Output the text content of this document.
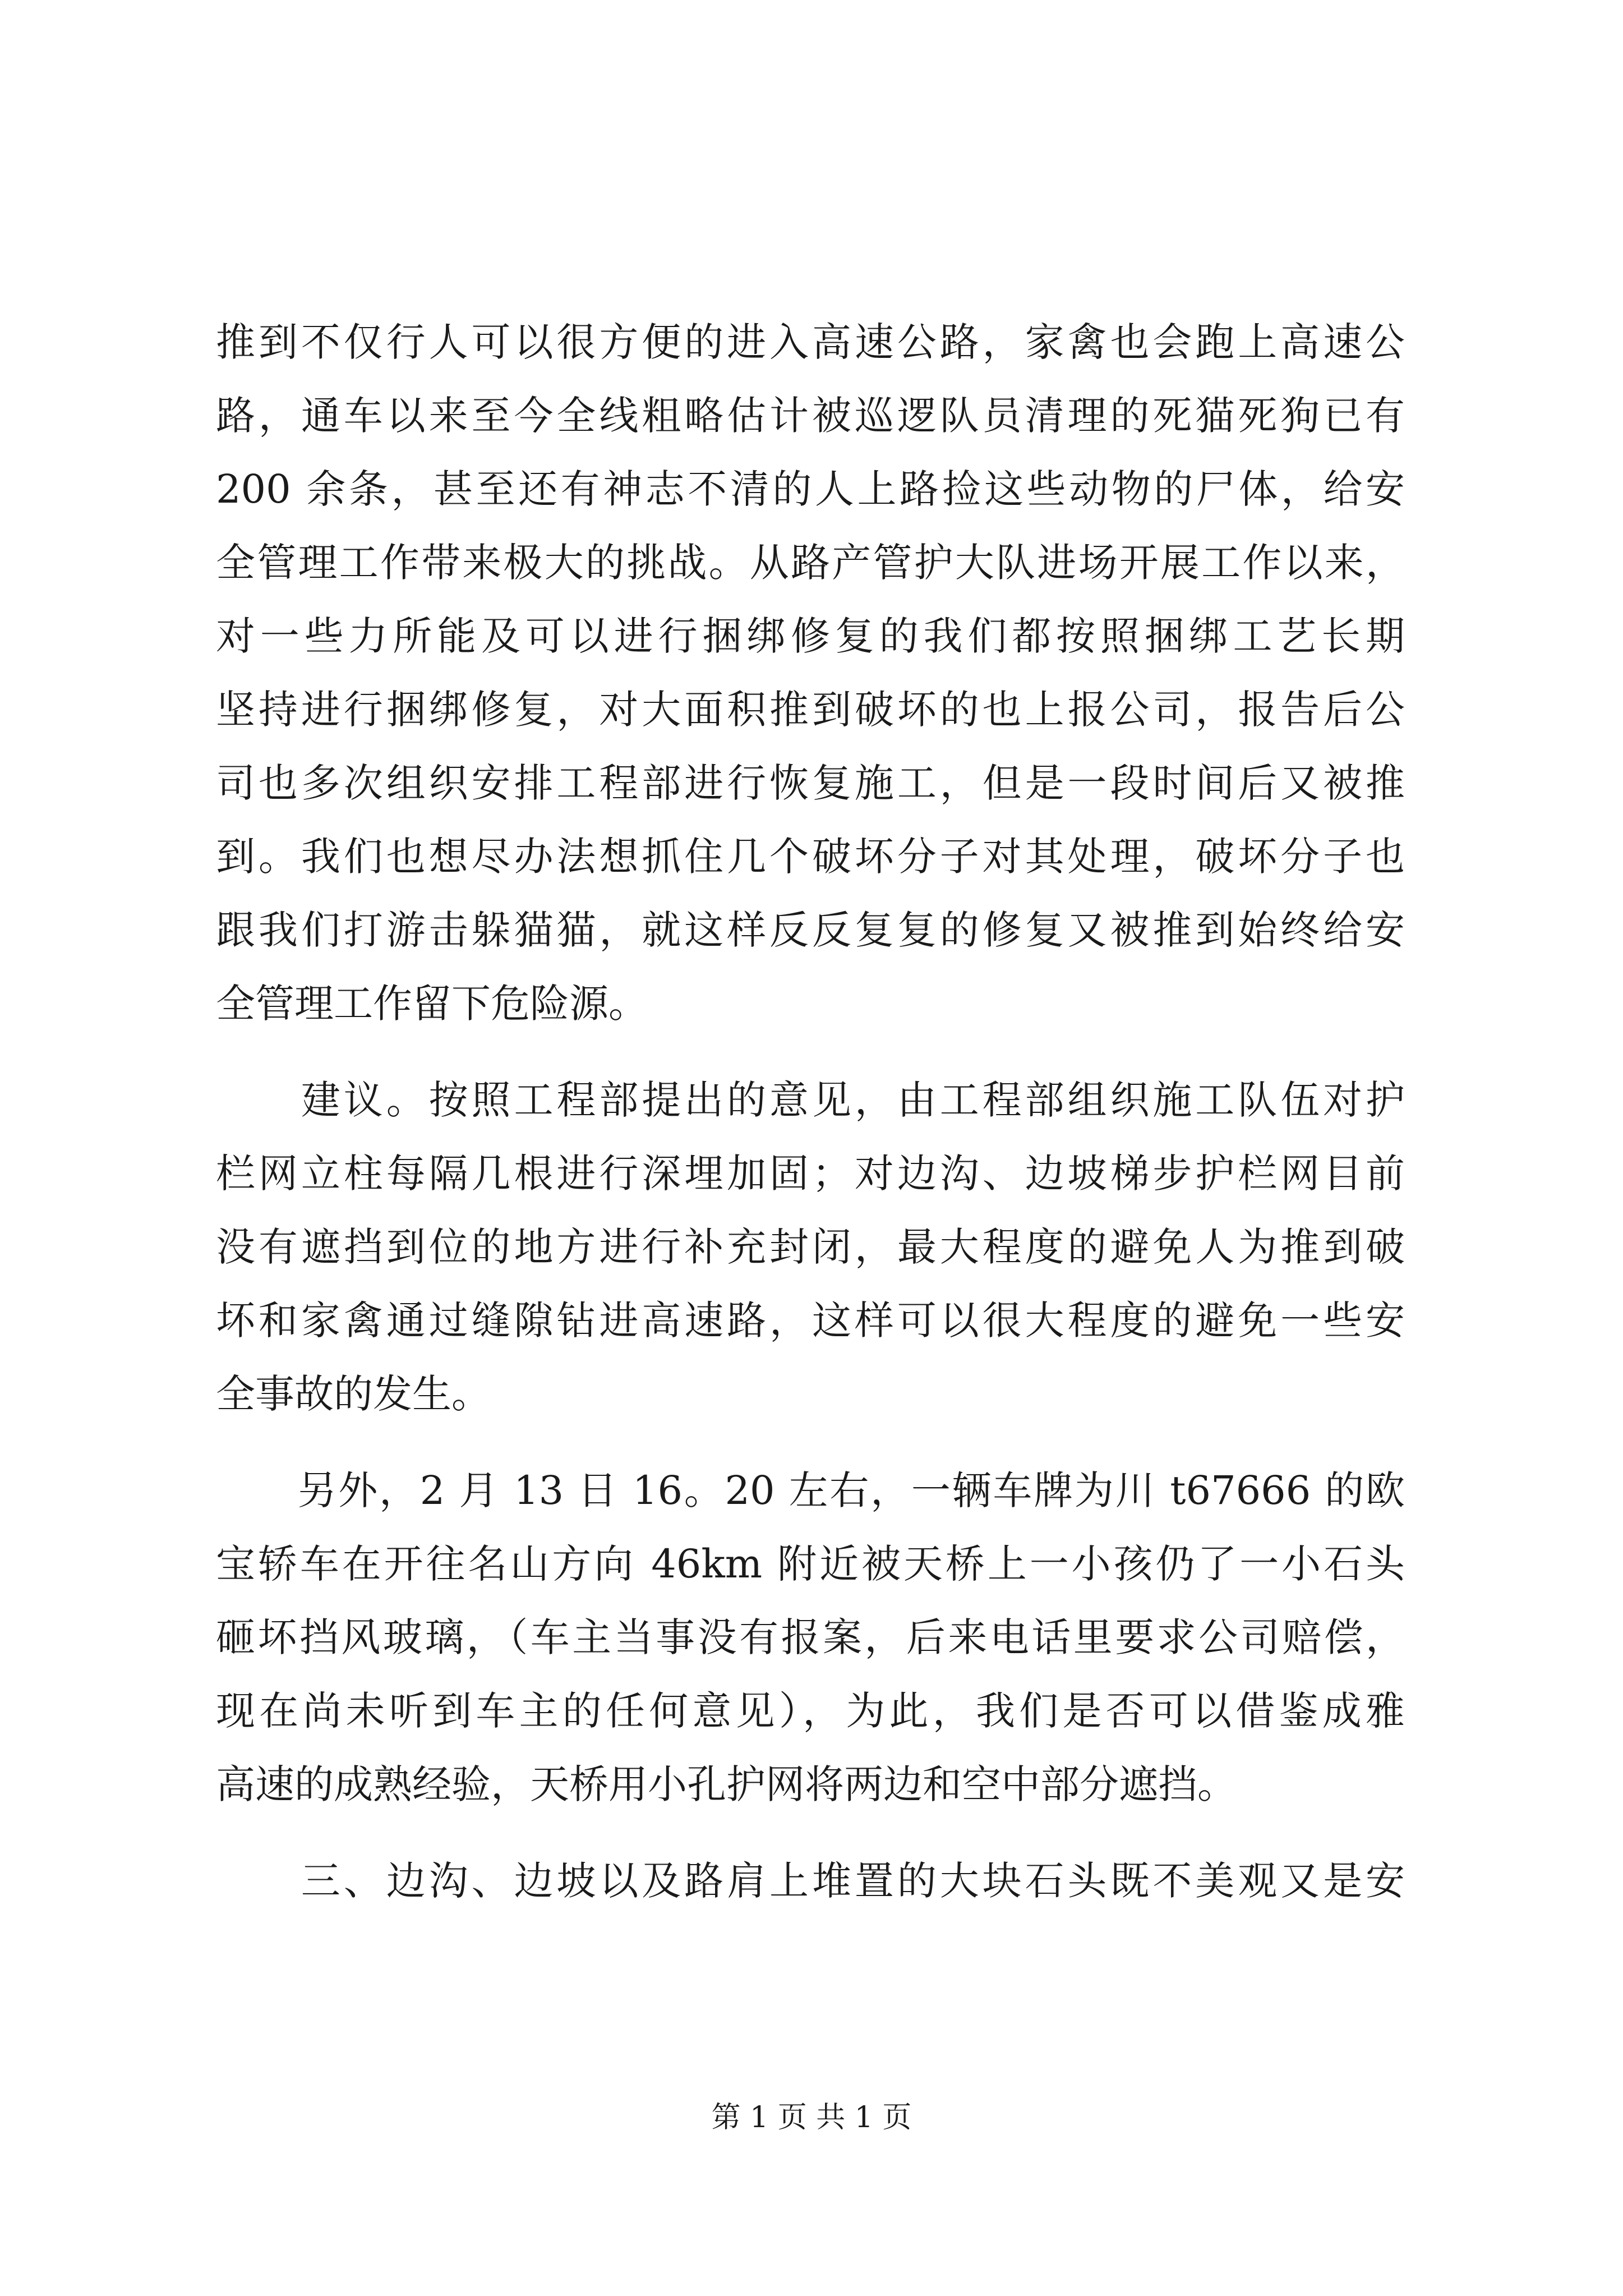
推到不仅行人可以很方便的进入高速公路，家禽也会跑上高速公
路，通车以来至今全线粗略估计被巡逻队员清理的死猫死狗已有
200 余条，甚至还有神志不清的人上路捡这些动物的尸体，给安
全管理工作带来极大的挑战。从路产管护大队进场开展工作以来，
对一些力所能及可以进行捆绑修复的我们都按照捆绑工艺长期
坚持进行捆绑修复，对大面积推到破坏的也上报公司，报告后公
司也多次组织安排工程部进行恢复施工，但是一段时间后又被推
到。我们也想尽办法想抓住几个破坏分子对其处理，破坏分子也
跟我们打游击躲猫猫，就这样反反复复的修复又被推到始终给安
全管理工作留下危险源。
　　建议。按照工程部提出的意见，由工程部组织施工队伍对护
栏网立柱每隔几根进行深埋加固；对边沟、边坡梯步护栏网目前
没有遮挡到位的地方进行补充封闭，最大程度的避免人为推到破
坏和家禽通过缝隙钻进高速路，这样可以很大程度的避免一些安
全事故的发生。
　　另外，2 月 13 日 16。20 左右，一辆车牌为川 t67666 的欧
宝轿车在开往名山方向 46km 附近被天桥上一小孩仍了一小石头
砸坏挡风玻璃，（车主当事没有报案，后来电话里要求公司赔偿，
现在尚未听到车主的任何意见），为此，我们是否可以借鉴成雅
高速的成熟经验，天桥用小孔护网将两边和空中部分遮挡。
　　三、边沟、边坡以及路肩上堆置的大块石头既不美观又是安
第 1 页 共 1 页
